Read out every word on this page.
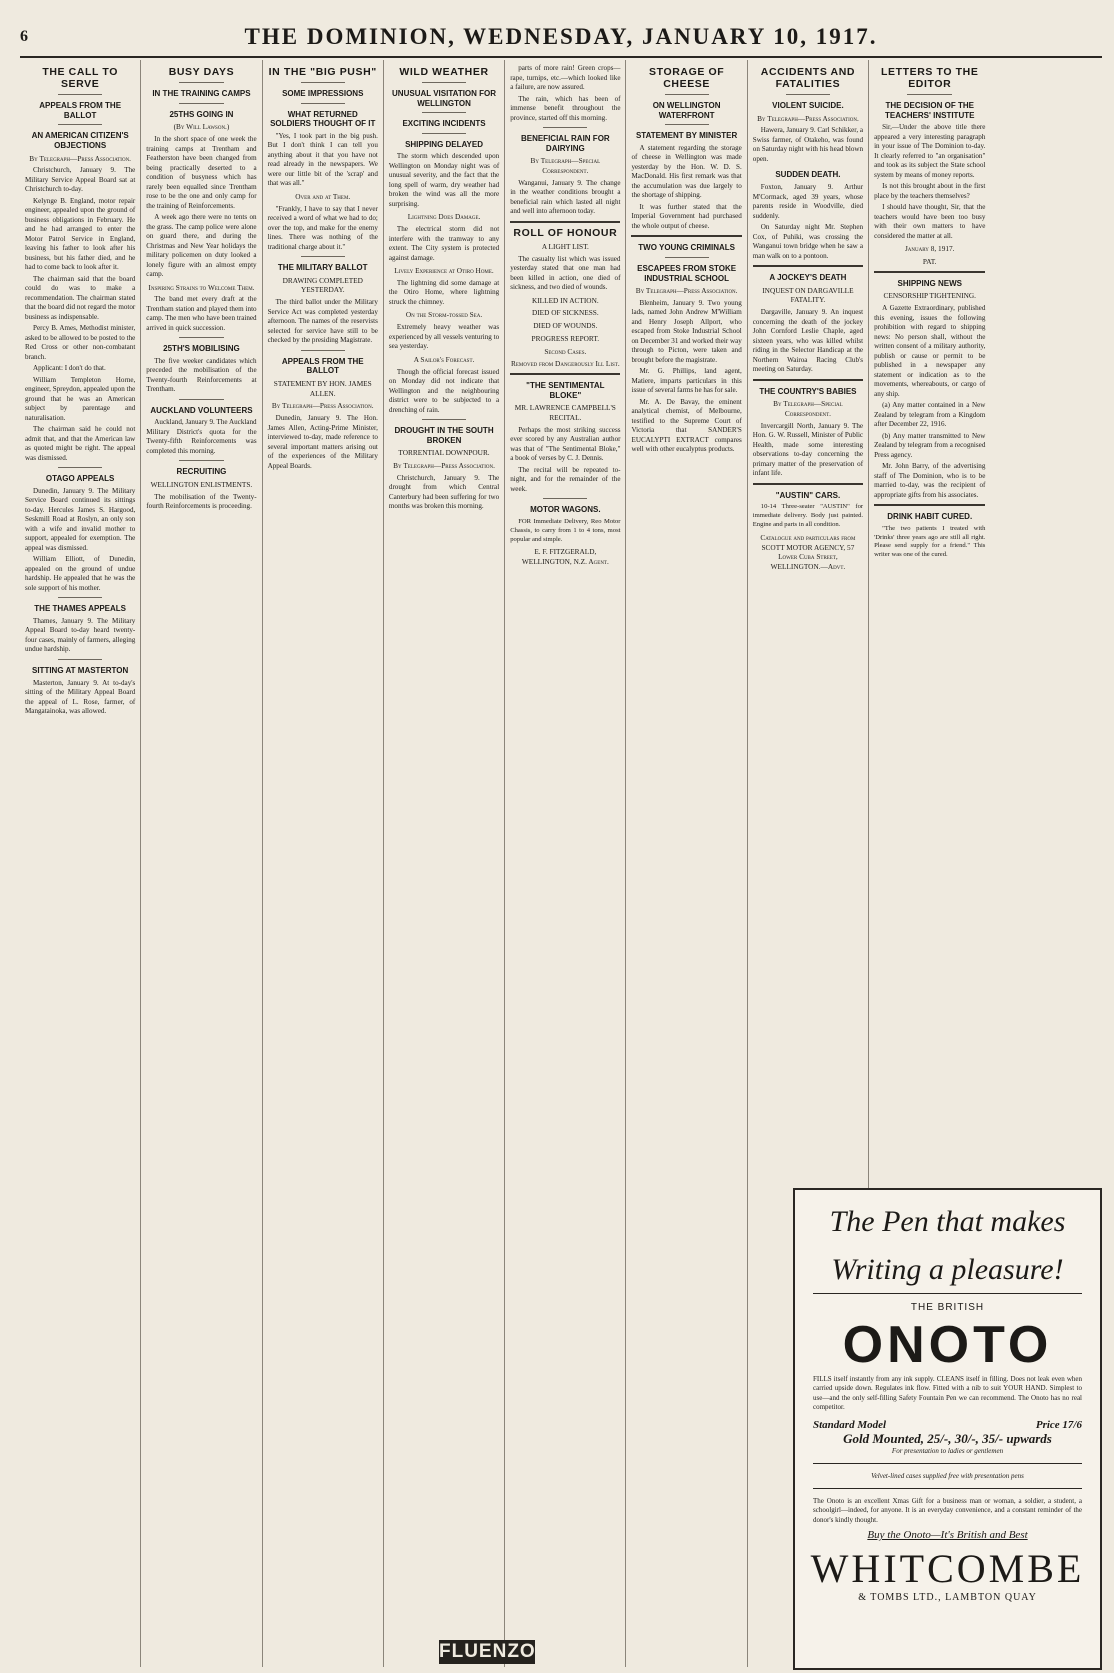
6	THE DOMINION, WEDNESDAY, JANUARY 10, 1917.
THE CALL TO SERVE
APPEALS FROM THE BALLOT
AN AMERICAN CITIZEN'S OBJECTIONS
By Telegraph—Press Association.

Christchurch, January 9. The Military Service Appeal Board sat at Christchurch to-day.

Kelynge B. England, motor repair engineer, appealed upon the ground of business obligations in February. He and he had arranged to enter the Motor Patrol Service in England, leaving his father to look after his business, but his father died, and he had to come back to look after it.

The chairman said that the board could do was to make a recommendation. The chairman stated that the board did not regard the motor business as indispensable.

Percy B. Ames, Methodist minister, asked to be allowed to be posted to the Red Cross or other non-combatant branch.

Applicant: I don't do that.

William Templeton Horne, engineer, Spreydon, appealed upon the ground that he was an American subject by parentage and naturalisation.

The chairman said he could not admit that, and that the American law as quoted might be right. The appeal was dismissed.

OTAGO APPEALS

Dunedin, January 9. The Military Service Board continued its sittings to-day. Hercules James S. Hargood, Seskmill Road at Roslyn, an only son with a wife and invalid mother to support, appealed for exemption. The appeal was dismissed.

William Elliott, of Dunedin, appealed on the ground of undue hardship. He appealed that he was the sole support of his mother.

THE THAMES APPEALS

Thames, January 9. The Military Appeal Board to-day heard twenty-four cases, mainly of farmers, alleging undue hardship.

SITTING AT MASTERTON

Masterton, January 9. At to-day's sitting of the Military Appeal Board the appeal of L. Rose, farmer, of Mangatainoka, was allowed.

BUSY DAYS
IN THE TRAINING CAMPS
25THS GOING IN
(By Will Lawson.)

In the short space of one week the training camps at Trentham and Featherston have been changed from being practically deserted to a condition of busyness which has rarely been equalled since Trentham rose to be the one and only camp for the training of Reinforcements.

A week ago there were no tents on the grass. The camp police were alone on guard there, and during the Christmas and New Year holidays the military policemen on duty looked a lonely figure with an almost empty camp.

Inspiring Strains to Welcome Them.

The band met every draft at the Trentham station and played them into camp. The men who have been trained arrived in quick succession.

25TH'S MOBILISING

The five weeker candidates which preceded the mobilisation of the Twenty-fourth Reinforcements at Trentham.

AUCKLAND VOLUNTEERS

Auckland, January 9. The Auckland Military District's quota for the Twenty-fifth Reinforcements was completed this morning.

RECRUITING
WELLINGTON ENLISTMENTS.

The mobilisation of the Twenty-fourth Reinforcements is proceeding.

IN THE "BIG PUSH"
SOME IMPRESSIONS
WHAT RETURNED SOLDIERS THOUGHT OF IT

"Yes, I took part in the big push. But I don't think I can tell you anything about it that you have not read already in the newspapers. We were our little bit of the 'scrap' and that was all."

Over and at Them.

"Frankly, I have to say that I never received a word of what we had to do; over the top, and make for the enemy lines. There was nothing of the traditional charge about it."

THE MILITARY BALLOT
DRAWING COMPLETED YESTERDAY.

The third ballot under the Military Service Act was completed yesterday afternoon. The names of the reservists selected for service have still to be checked by the presiding Magistrate.

APPEALS FROM THE BALLOT
STATEMENT BY HON. JAMES ALLEN.
By Telegraph—Press Association.

Dunedin, January 9. The Hon. James Allen, Acting-Prime Minister, interviewed to-day, made reference to several important matters arising out of the experiences of the Military Appeal Boards.

WILD WEATHER
UNUSUAL VISITATION FOR WELLINGTON
EXCITING INCIDENTS
SHIPPING DELAYED

The storm which descended upon Wellington on Monday night was of unusual severity, and the fact that the long spell of warm, dry weather had broken the wind was all the more surprising.

Lightning Does Damage.

The electrical storm did not interfere with the tramway to any extent. The City system is protected against damage.

Lively Experience at Otiro Home.

The lightning did some damage at the Otiro Home, where lightning struck the chimney.

On the Storm-tossed Sea.

Extremely heavy weather was experienced by all vessels venturing to sea yesterday.

A Sailor's Forecast.

Though the official forecast issued on Monday did not indicate that Wellington and the neighbouring district were to be subjected to a drenching of rain.

DROUGHT IN THE SOUTH BROKEN
TORRENTIAL DOWNPOUR.
By Telegraph—Press Association.

Christchurch, January 9. The drought from which Central Canterbury had been suffering for two months was broken this morning.

parts of more rain! Green crops—rape, turnips, etc.—which looked like a failure, are now assured.

The rain, which has been of immense benefit throughout the province, started off this morning.

BENEFICIAL RAIN FOR DAIRYING
By Telegraph—Special Correspondent.

Wanganui, January 9. The change in the weather conditions brought a beneficial rain which lasted all night and well into afternoon today.

ROLL OF HONOUR
A LIGHT LIST.

The casualty list which was issued yesterday stated that one man had been killed in action, one died of sickness, and two died of wounds.

KILLED IN ACTION.
DIED OF SICKNESS.
DIED OF WOUNDS.
PROGRESS REPORT.
Second Cases.
Removed from Dangerously Ill List.
"THE SENTIMENTAL BLOKE"
MR. LAWRENCE CAMPBELL'S RECITAL.

Perhaps the most striking success ever scored by any Australian author was that of "The Sentimental Bloke," a book of verses by C. J. Dennis.

The recital will be repeated to-night, and for the remainder of the week.

MOTOR WAGONS.

FOR Immediate Delivery, Reo Motor Chassis, to carry from 1 to 4 tons, most popular and simple.

E. F. FITZGERALD, WELLINGTON, N.Z. Agent.
STORAGE OF CHEESE
ON WELLINGTON WATERFRONT
STATEMENT BY MINISTER

A statement regarding the storage of cheese in Wellington was made yesterday by the Hon. W. D. S. MacDonald. His first remark was that the accumulation was due largely to the shortage of shipping.

It was further stated that the Imperial Government had purchased the whole output of cheese.

TWO YOUNG CRIMINALS
ESCAPEES FROM STOKE INDUSTRIAL SCHOOL
By Telegraph—Press Association.

Blenheim, January 9. Two young lads, named John Andrew M'William and Henry Joseph Allport, who escaped from Stoke Industrial School on December 31 and worked their way through to Picton, were taken and brought before the magistrate.

Mr. G. Phillips, land agent, Matiere, imparts particulars in this issue of several farms he has for sale.

Mr. A. De Bavay, the eminent analytical chemist, of Melbourne, testified to the Supreme Court of Victoria that SANDER'S EUCALYPTI EXTRACT compares well with other eucalyptus products.

ACCIDENTS AND FATALITIES
VIOLENT SUICIDE.
By Telegraph—Press Association.

Hawera, January 9. Carl Schikker, a Swiss farmer, of Otakeho, was found on Saturday night with his head blown open.

SUDDEN DEATH.

Foxton, January 9. Arthur M'Cormack, aged 39 years, whose parents reside in Woodville, died suddenly.

On Saturday night Mr. Stephen Cox, of Puhiki, was crossing the Wanganui town bridge when he saw a man walk on to a pontoon.

A JOCKEY'S DEATH
INQUEST ON DARGAVILLE FATALITY.

Dargaville, January 9. An inquest concerning the death of the jockey John Cornford Leslie Chaple, aged sixteen years, who was killed whilst riding in the Selector Handicap at the Northern Wairoa Racing Club's meeting on Saturday.

THE COUNTRY'S BABIES
By Telegraph—Special Correspondent.

Invercargill North, January 9. The Hon. G. W. Russell, Minister of Public Health, made some interesting observations to-day concerning the primary matter of the preservation of infant life.

"AUSTIN" CARS.

10-14 Three-seater "AUSTIN" for immediate delivery. Body just painted. Engine and parts in all condition.

Catalogue and particulars from SCOTT MOTOR AGENCY, 57 Lower Cuba Street, WELLINGTON.—Advt.
LETTERS TO THE EDITOR
THE DECISION OF THE TEACHERS' INSTITUTE

Sir,—Under the above title there appeared a very interesting paragraph in your issue of The Dominion to-day. It clearly referred to "an organisation" and took as its subject the State school system by means of money reports.

Is not this brought about in the first place by the teachers themselves?

I should have thought, Sir, that the teachers would have been too busy with their own matters to have considered the matter at all.

January 8, 1917.
PAT.
SHIPPING NEWS
CENSORSHIP TIGHTENING.

A Gazette Extraordinary, published this evening, issues the following prohibition with regard to shipping news: No person shall, without the written consent of a military authority, publish or cause or permit to be published in a newspaper any statement or indication as to the movements, whereabouts, or cargo of any ship.

(a) Any matter contained in a New Zealand by telegram from a Kingdom after December 22, 1916.

(b) Any matter transmitted to New Zealand by telegram from a recognised Press agency.

Mr. John Barry, of the advertising staff of The Dominion, who is to be married to-day, was the recipient of appropriate gifts from his associates.

DRINK HABIT CURED.

"The two patients I treated with 'Drinks' three years ago are still all right. Please send supply for a friend." This writer was one of the cured.

The Pen that makes
Writing a pleasure!
THE BRITISH
ONOTO
FILLS itself instantly from any ink supply. CLEANS itself in filling. Does not leak even when carried upside down. Regulates ink flow. Fitted with a nib to suit YOUR HAND. Simplest to use—and the only self-filling Safety Fountain Pen we can recommend. The Onoto has no real competitor.
Standard Model	Price 17/6
Gold Mounted, 25/-, 30/-, 35/- upwards
For presentation to ladies or gentlemen
Velvet-lined cases supplied free with presentation pens
The Onoto is an excellent Xmas Gift for a business man or woman, a soldier, a student, a schoolgirl—indeed, for anyone. It is an everyday convenience, and a constant reminder of the donor's kindly thought.
Buy the Onoto—It's British and Best
WHITCOMBE
& TOMBS LTD., LAMBTON QUAY
FLUENZOL
